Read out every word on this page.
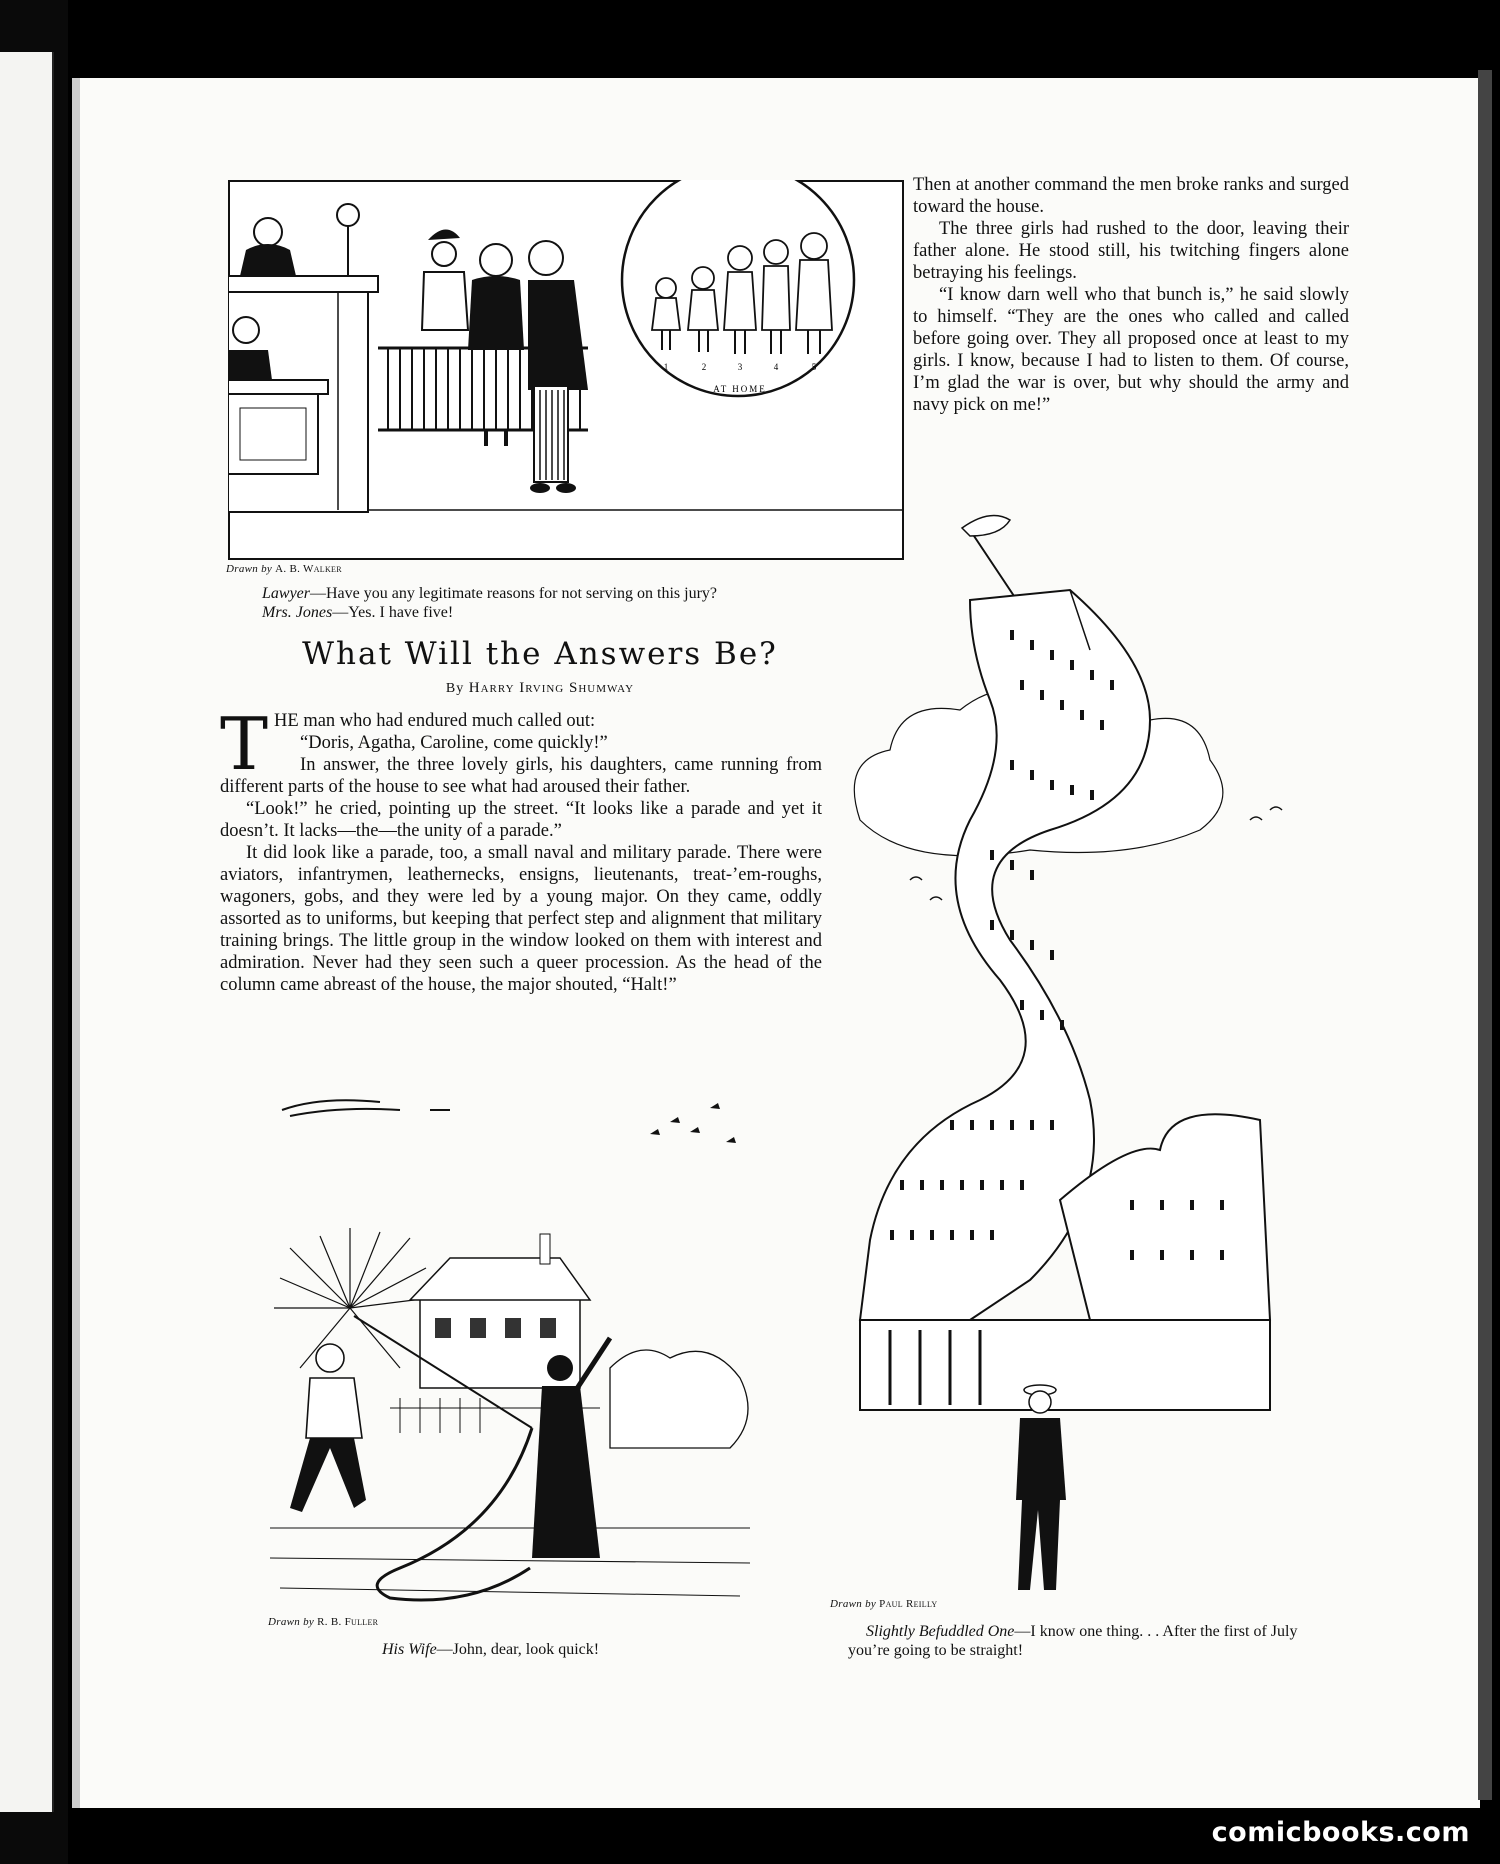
1	2	3	4	5
AT HOME
Drawn by A. B. Walker
Lawyer—Have you any legitimate reasons for not serving on this jury?
Mrs. Jones—Yes. I have five!
What Will the Answers Be?
By Harry Irving Shumway

THE man who had endured much called out:

“Doris, Agatha, Caroline, come quickly!”

In answer, the three lovely girls, his daughters, came running from different parts of the house to see what had aroused their father.

“Look!” he cried, pointing up the street. “It looks like a parade and yet it doesn’t. It lacks—the—the unity of a parade.”

It did look like a parade, too, a small naval and military parade. There were aviators, infantrymen, leathernecks, ensigns, lieutenants, treat-’em-roughs, wagoners, gobs, and they were led by a young major. On they came, oddly assorted as to uniforms, but keeping that perfect step and alignment that military training brings. The little group in the window looked on them with interest and admiration. Never had they seen such a queer procession. As the head of the column came abreast of the house, the major shouted, “Halt!”

Then at another command the men broke ranks and surged toward the house.

The three girls had rushed to the door, leaving their father alone. He stood still, his twitching fingers alone betraying his feelings.

“I know darn well who that bunch is,” he said slowly to himself. “They are the ones who called and called before going over. They all proposed once at least to my girls. I know, because I had to listen to them. Of course, I’m glad the war is over, but why should the army and navy pick on me!”

Drawn by R. B. Fuller
His Wife—John, dear, look quick!
Drawn by Paul Reilly
Slightly Befuddled One—I know one thing. . . After the first of July you’re going to be straight!
comicbooks.com
